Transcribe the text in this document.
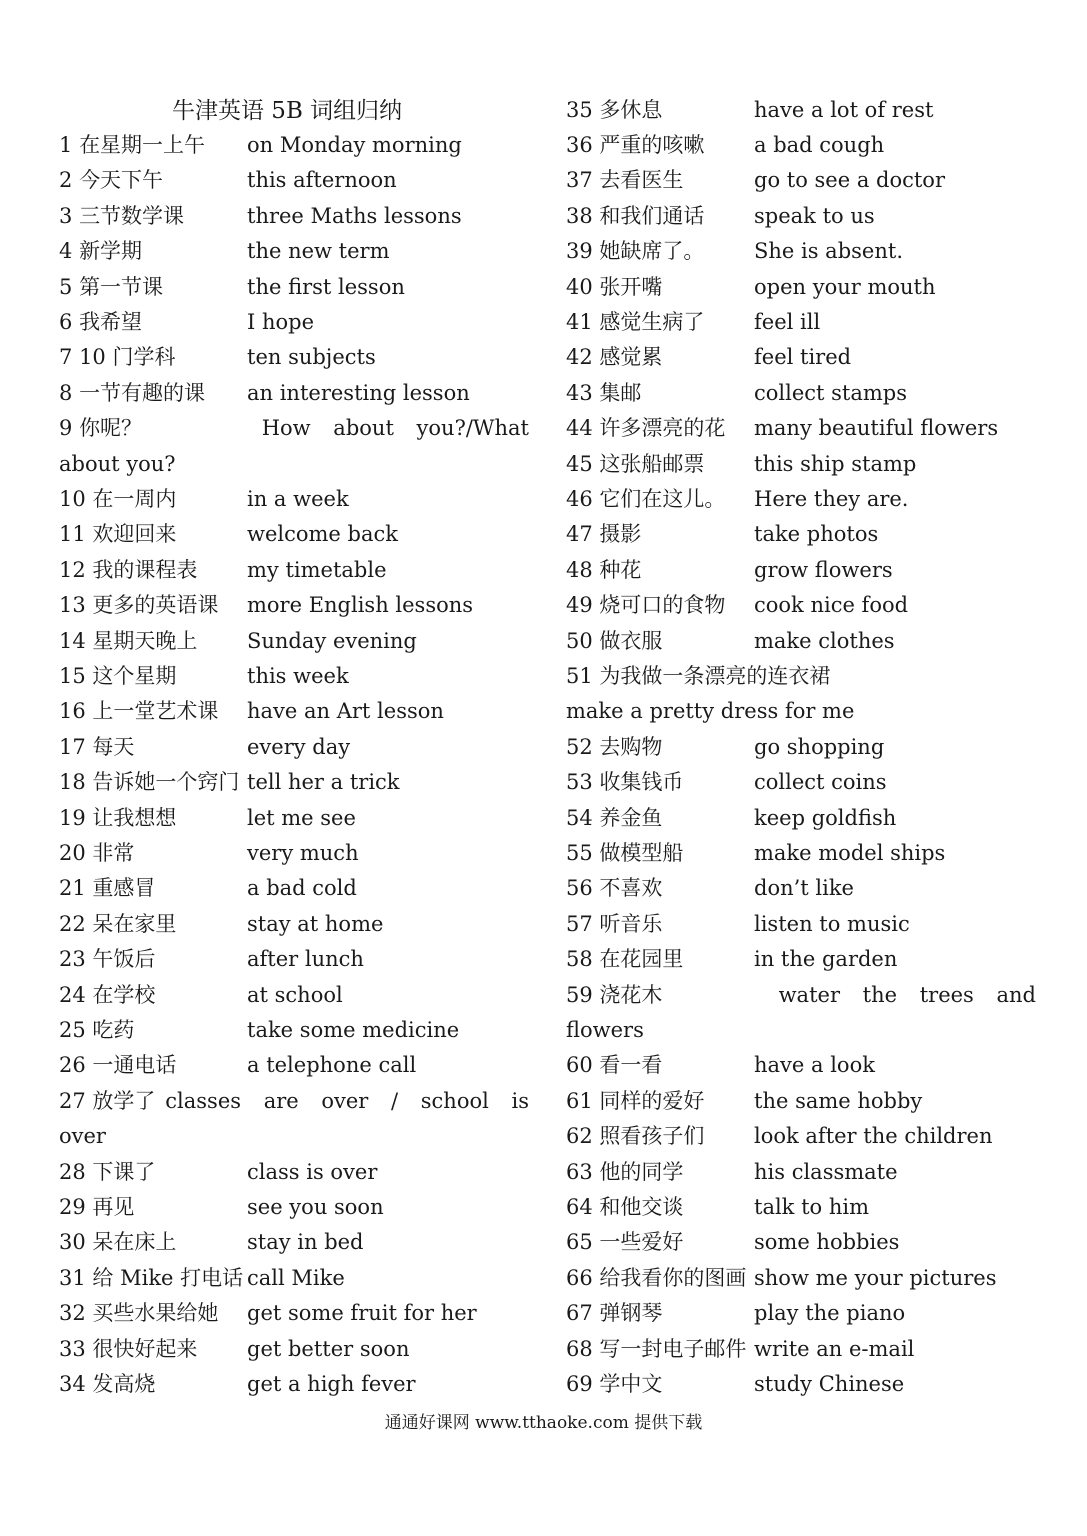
牛津英语 5B 词组归纳
1 在星期一上午 on Monday morning
2 今天下午	this afternoon
3 三节数学课	three Maths lessons
4 新学期	the new term
5 第一节课	the first lesson
6 我希望	I hope
7 10 门学科	ten subjects
8 一节有趣的课 an interesting lesson
9 你呢？	How about you?/What
about you?
10 在一周内	in a week
11 欢迎回来	welcome back
12 我的课程表 my timetable
13 更多的英语课 more English lessons
14 星期天晚上 Sunday evening
15 这个星期	this week
16 上一堂艺术课 have an Art lesson
17 每天	every day
18 告诉她一个窍门 tell her a trick
19 让我想想	let me see
20 非常	very much
21 重感冒	a bad cold
22 呆在家里	stay at home
23 午饭后	after lunch
24 在学校	at school
25 吃药	take some medicine
26 一通电话	a telephone call
27 放学了 classes are over / school is
over
28 下课了	class is over
29 再见	see you soon
30 呆在床上	stay in bed
31 给 Mike 打电话 call Mike
32 买些水果给她 get some fruit for her
33 很快好起来 get better soon
34 发高烧	get a high fever
35 多休息	have a lot of rest
36 严重的咳嗽 a bad cough
37 去看医生	go to see a doctor
38 和我们通话 speak to us
39 她缺席了。 She is absent.
40 张开嘴	open your mouth
41 感觉生病了 feel ill
42 感觉累	feel tired
43 集邮	collect stamps
44 许多漂亮的花 many beautiful flowers
45 这张船邮票 this ship stamp
46 它们在这儿。 Here they are.
47 摄影	take photos
48 种花	grow flowers
49 烧可口的食物 cook nice food
50 做衣服	make clothes
51 为我做一条漂亮的连衣裙
make a pretty dress for me
52 去购物	go shopping
53 收集钱币	collect coins
54 养金鱼	keep goldfish
55 做模型船	make model ships
56 不喜欢	don’t like
57 听音乐	listen to music
58 在花园里	in the garden
59 浇花木	water the trees and
flowers
60 看一看	have a look
61 同样的爱好 the same hobby
62 照看孩子们 look after the children
63 他的同学	his classmate
64 和他交谈	talk to him
65 一些爱好	some hobbies
66 给我看你的图画 show me your pictures
67 弹钢琴	play the piano
68 写一封电子邮件 write an e-mail
69 学中文	study Chinese
通通好课网 www.tthaoke.com 提供下载
